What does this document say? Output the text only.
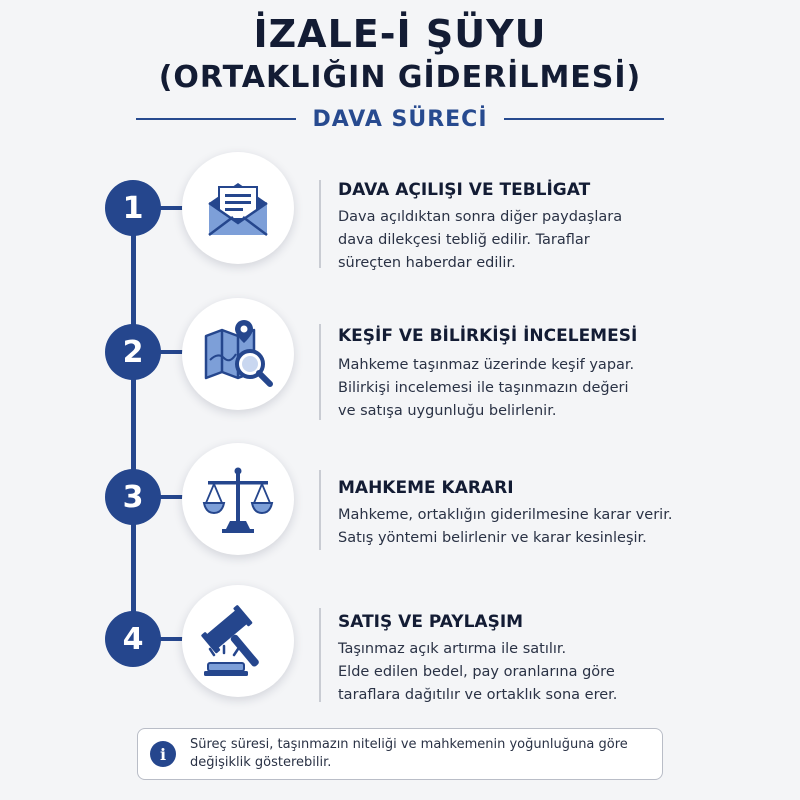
İZALE-İ ŞÜYU
(ORTAKLIĞIN GİDERİLMESİ)
DAVA SÜRECİ
1
DAVA AÇILIŞI VE TEBLİGAT
Dava açıldıktan sonra diğer paydaşlara
dava dilekçesi tebliğ edilir. Taraflar
süreçten haberdar edilir.
2	KEŞİF VE BİLİRKİŞİ İNCELEMESİ
Mahkeme taşınmaz üzerinde keşif yapar.
Bilirkişi incelemesi ile taşınmazın değeri
ve satışa uygunluğu belirlenir.
3	MAHKEME KARARI
Mahkeme, ortaklığın giderilmesine karar verir.
Satış yöntemi belirlenir ve karar kesinleşir.
4	SATIŞ VE PAYLAŞIM
Taşınmaz açık artırma ile satılır.
Elde edilen bedel, pay oranlarına göre
taraflara dağıtılır ve ortaklık sona erer.
i	Süreç süresi, taşınmazın niteliği ve mahkemenin yoğunluğuna göre
değişiklik gösterebilir.
